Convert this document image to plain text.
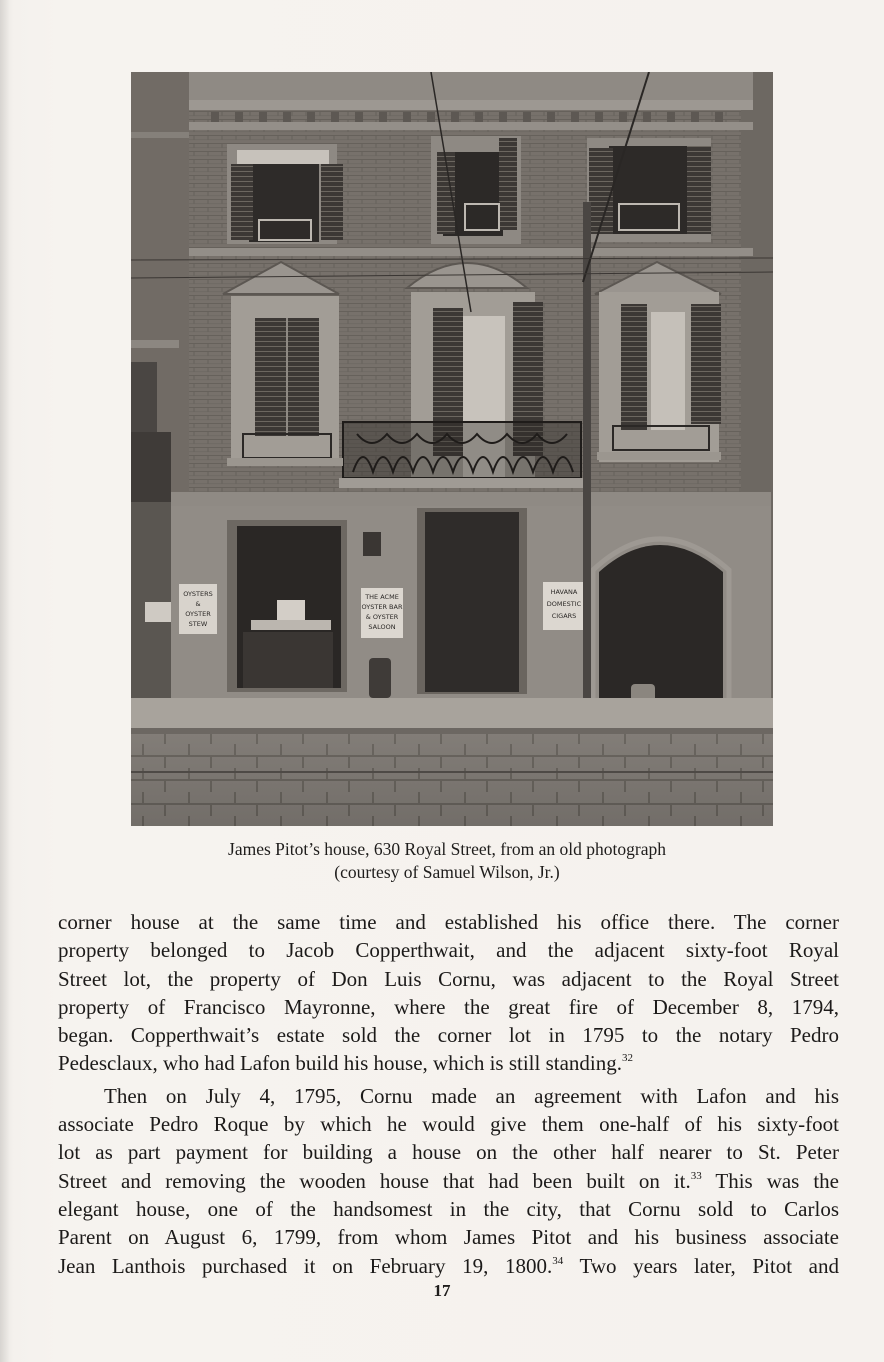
OYSTERS
&
OYSTER
STEW
THE ACME
OYSTER BAR
& OYSTER
SALOON
HAVANA
DOMESTIC
CIGARS
James Pitot’s house, 630 Royal Street, from an old photograph
(courtesy of Samuel Wilson, Jr.)

corner house at the same time and established his office there. The corner
property belonged to Jacob Copperthwait, and the adjacent sixty-foot Royal
Street lot, the property of Don Luis Cornu, was adjacent to the Royal Street
property of Francisco Mayronne, where the great fire of December 8, 1794,
began. Copperthwait’s estate sold the corner lot in 1795 to the notary Pedro
Pedesclaux, who had Lafon build his house, which is still standing.$^{32}$

Then on July 4, 1795, Cornu made an agreement with Lafon and his
associate Pedro Roque by which he would give them one-half of his sixty-foot
lot as part payment for building a house on the other half nearer to St. Peter
Street and removing the wooden house that had been built on it.$^{33}$ This was the
elegant house, one of the handsomest in the city, that Cornu sold to Carlos
Parent on August 6, 1799, from whom James Pitot and his business associate
Jean Lanthois purchased it on February 19, 1800.34 Two years later, Pitot and

17
